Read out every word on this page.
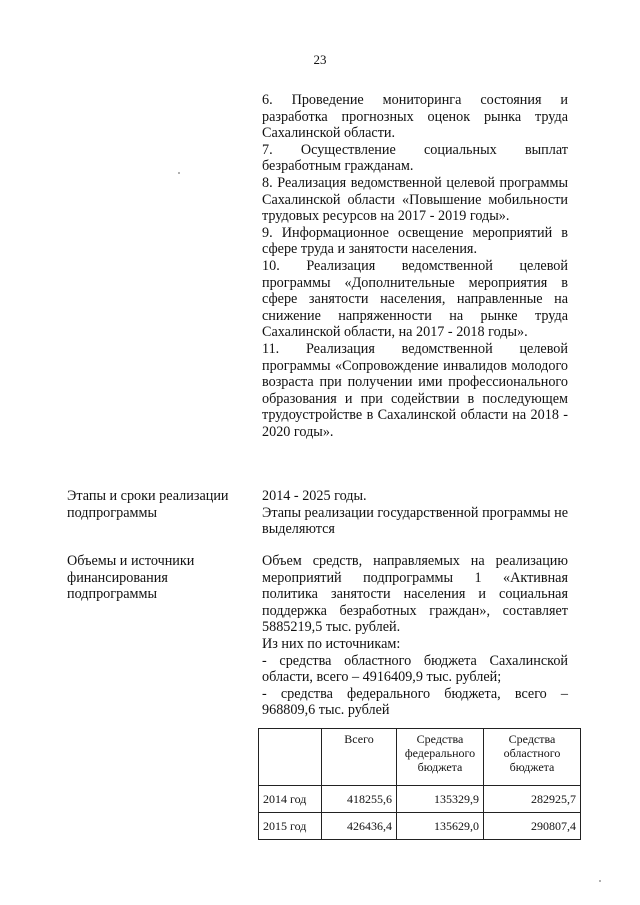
23

6. Проведение мониторинга состояния и разработка прогнозных оценок рынка труда Сахалинской области.

7. Осуществление социальных выплат безработным гражданам.

8. Реализация ведомственной целевой программы Сахалинской области «Повышение мобильности трудовых ресурсов на 2017 - 2019 годы».

9. Информационное освещение мероприятий в сфере труда и занятости населения.

10. Реализация ведомственной целевой программы «Дополнительные мероприятия в сфере занятости населения, направленные на снижение напряженности на рынке труда Сахалинской области, на 2017 - 2018 годы».

11. Реализация ведомственной целевой программы «Сопровождение инвалидов молодого возраста при получении ими профессионального образования и при содействии в последующем трудоустройстве в Сахалинской области на 2018 - 2020 годы».

Этапы и сроки реализации подпрограммы

2014 - 2025 годы.

Этапы реализации государственной программы не выделяются

Объемы и источники финансирования подпрограммы

Объем средств, направляемых на реализацию мероприятий подпрограммы 1 «Активная политика занятости населения и социальная поддержка безработных граждан», составляет 5885219,5 тыс. рублей.

Из них по источникам:

- средства областного бюджета Сахалинской области, всего – 4916409,9 тыс. рублей;

- средства федерального бюджета, всего – 968809,6 тыс. рублей

	Всего	Средства федерального бюджета	Средства областного бюджета
2014 год	418255,6	135329,9	282925,7
2015 год	426436,4	135629,0	290807,4
